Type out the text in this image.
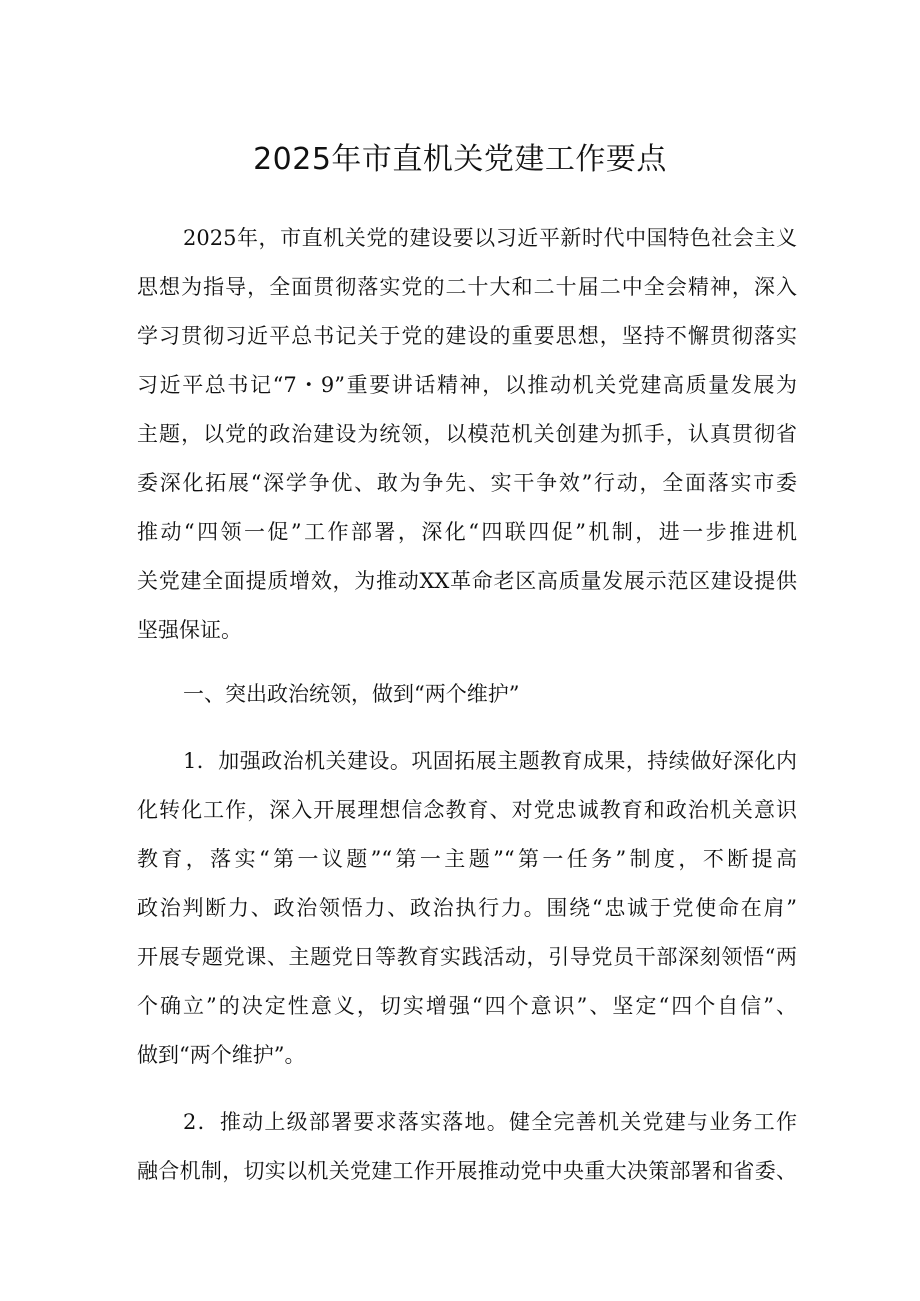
2025年市直机关党建工作要点
2025年，市直机关党的建设要以习近平新时代中国特色社会主义
思想为指导，全面贯彻落实党的二十大和二十届二中全会精神，深入
学习贯彻习近平总书记关于党的建设的重要思想，坚持不懈贯彻落实
习近平总书记“7・9”重要讲话精神，以推动机关党建高质量发展为
主题，以党的政治建设为统领，以模范机关创建为抓手，认真贯彻省
委深化拓展“深学争优、敢为争先、实干争效”行动，全面落实市委
推动“四领一促”工作部署，深化“四联四促”机制，进一步推进机
关党建全面提质增效，为推动XX革命老区高质量发展示范区建设提供
坚强保证。
一、突出政治统领，做到“两个维护”
1．加强政治机关建设。巩固拓展主题教育成果，持续做好深化内
化转化工作，深入开展理想信念教育、对党忠诚教育和政治机关意识
教育，落实“第一议题”“第一主题”“第一任务”制度，不断提高
政治判断力、政治领悟力、政治执行力。围绕“忠诚于党使命在肩”
开展专题党课、主题党日等教育实践活动，引导党员干部深刻领悟“两
个确立”的决定性意义，切实增强“四个意识”、坚定“四个自信”、
做到“两个维护”。
2．推动上级部署要求落实落地。健全完善机关党建与业务工作
融合机制，切实以机关党建工作开展推动党中央重大决策部署和省委、
